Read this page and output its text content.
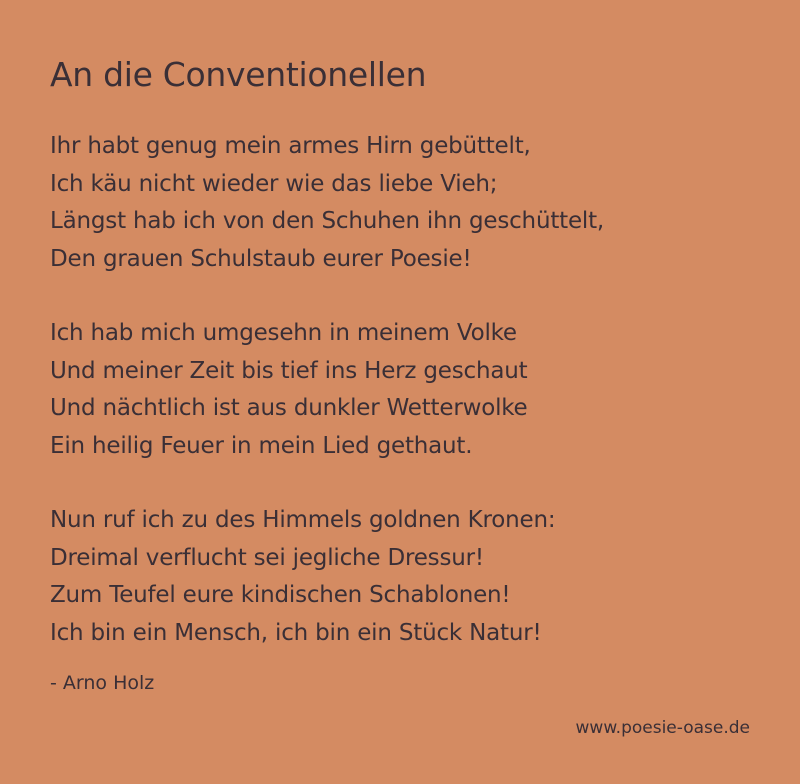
An die Conventionellen
Ihr habt genug mein armes Hirn gebüttelt,
Ich käu nicht wieder wie das liebe Vieh;
Längst hab ich von den Schuhen ihn geschüttelt,
Den grauen Schulstaub eurer Poesie!
Ich hab mich umgesehn in meinem Volke
Und meiner Zeit bis tief ins Herz geschaut
Und nächtlich ist aus dunkler Wetterwolke
Ein heilig Feuer in mein Lied gethaut.
Nun ruf ich zu des Himmels goldnen Kronen:
Dreimal verflucht sei jegliche Dressur!
Zum Teufel eure kindischen Schablonen!
Ich bin ein Mensch, ich bin ein Stück Natur!
- Arno Holz
www.poesie-oase.de
